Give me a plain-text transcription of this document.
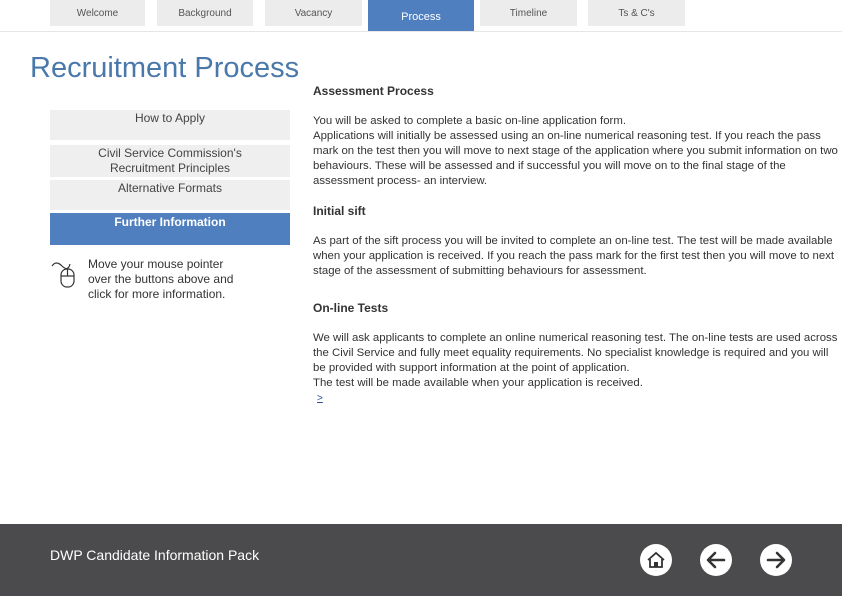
Welcome	Background	Vacancy	Process	Timeline	Ts & C's
Recruitment Process
How to Apply
Civil Service Commission's
Recruitment Principles
Alternative Formats
Further Information
Move your mouse pointer over the buttons above and click for more information.
Assessment Process
You will be asked to complete a basic on-line application form.
Applications will initially be assessed using an on-line numerical reasoning test. If you reach the pass mark on the test then you will move to next stage of the application where you submit information on two behaviours. These will be assessed and if successful you will move on to the final stage of the assessment process- an interview.
Initial sift
As part of the sift process you will be invited to complete an on-line test. The test will be made available when your application is received. If you reach the pass mark for the first test then you will move to next stage of the assessment of submitting behaviours for assessment.
On-line Tests
We will ask applicants to complete an online numerical reasoning test. The on-line tests are used across the Civil Service and fully meet equality requirements. No specialist knowledge is required and you will be provided with support information at the point of application.
The test will be made available when your application is received.
>
DWP Candidate Information Pack
